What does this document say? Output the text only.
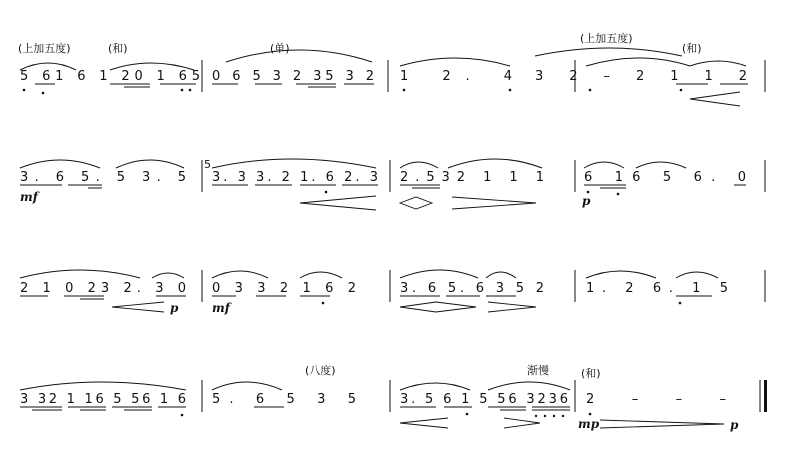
(上加五度)	(和)	(单)
(上加五度)
(和)
5 61 6 1 20 1 65 0 6 5 3 2 35 3 2 1 2. 4 3 2 – 2 1 1 2
3. 6 5. 5 3. 5
mf
5
3. 3 3. 2 1. 6 2. 3 2.532 1 1 1	6 16 5 6. 0
p
2 1 0 23 2. 3 0
p
0 3 3 2 1 6 2
mf
3. 6 5. 6 3 5 2	1. 2 6. 1 5
(八度)	渐慢	(和)
3 32 1 16 5 56 1 6 5. 6 5 3 5	3. 5 6 1 5 56 3236 2 – – –
mp	p
